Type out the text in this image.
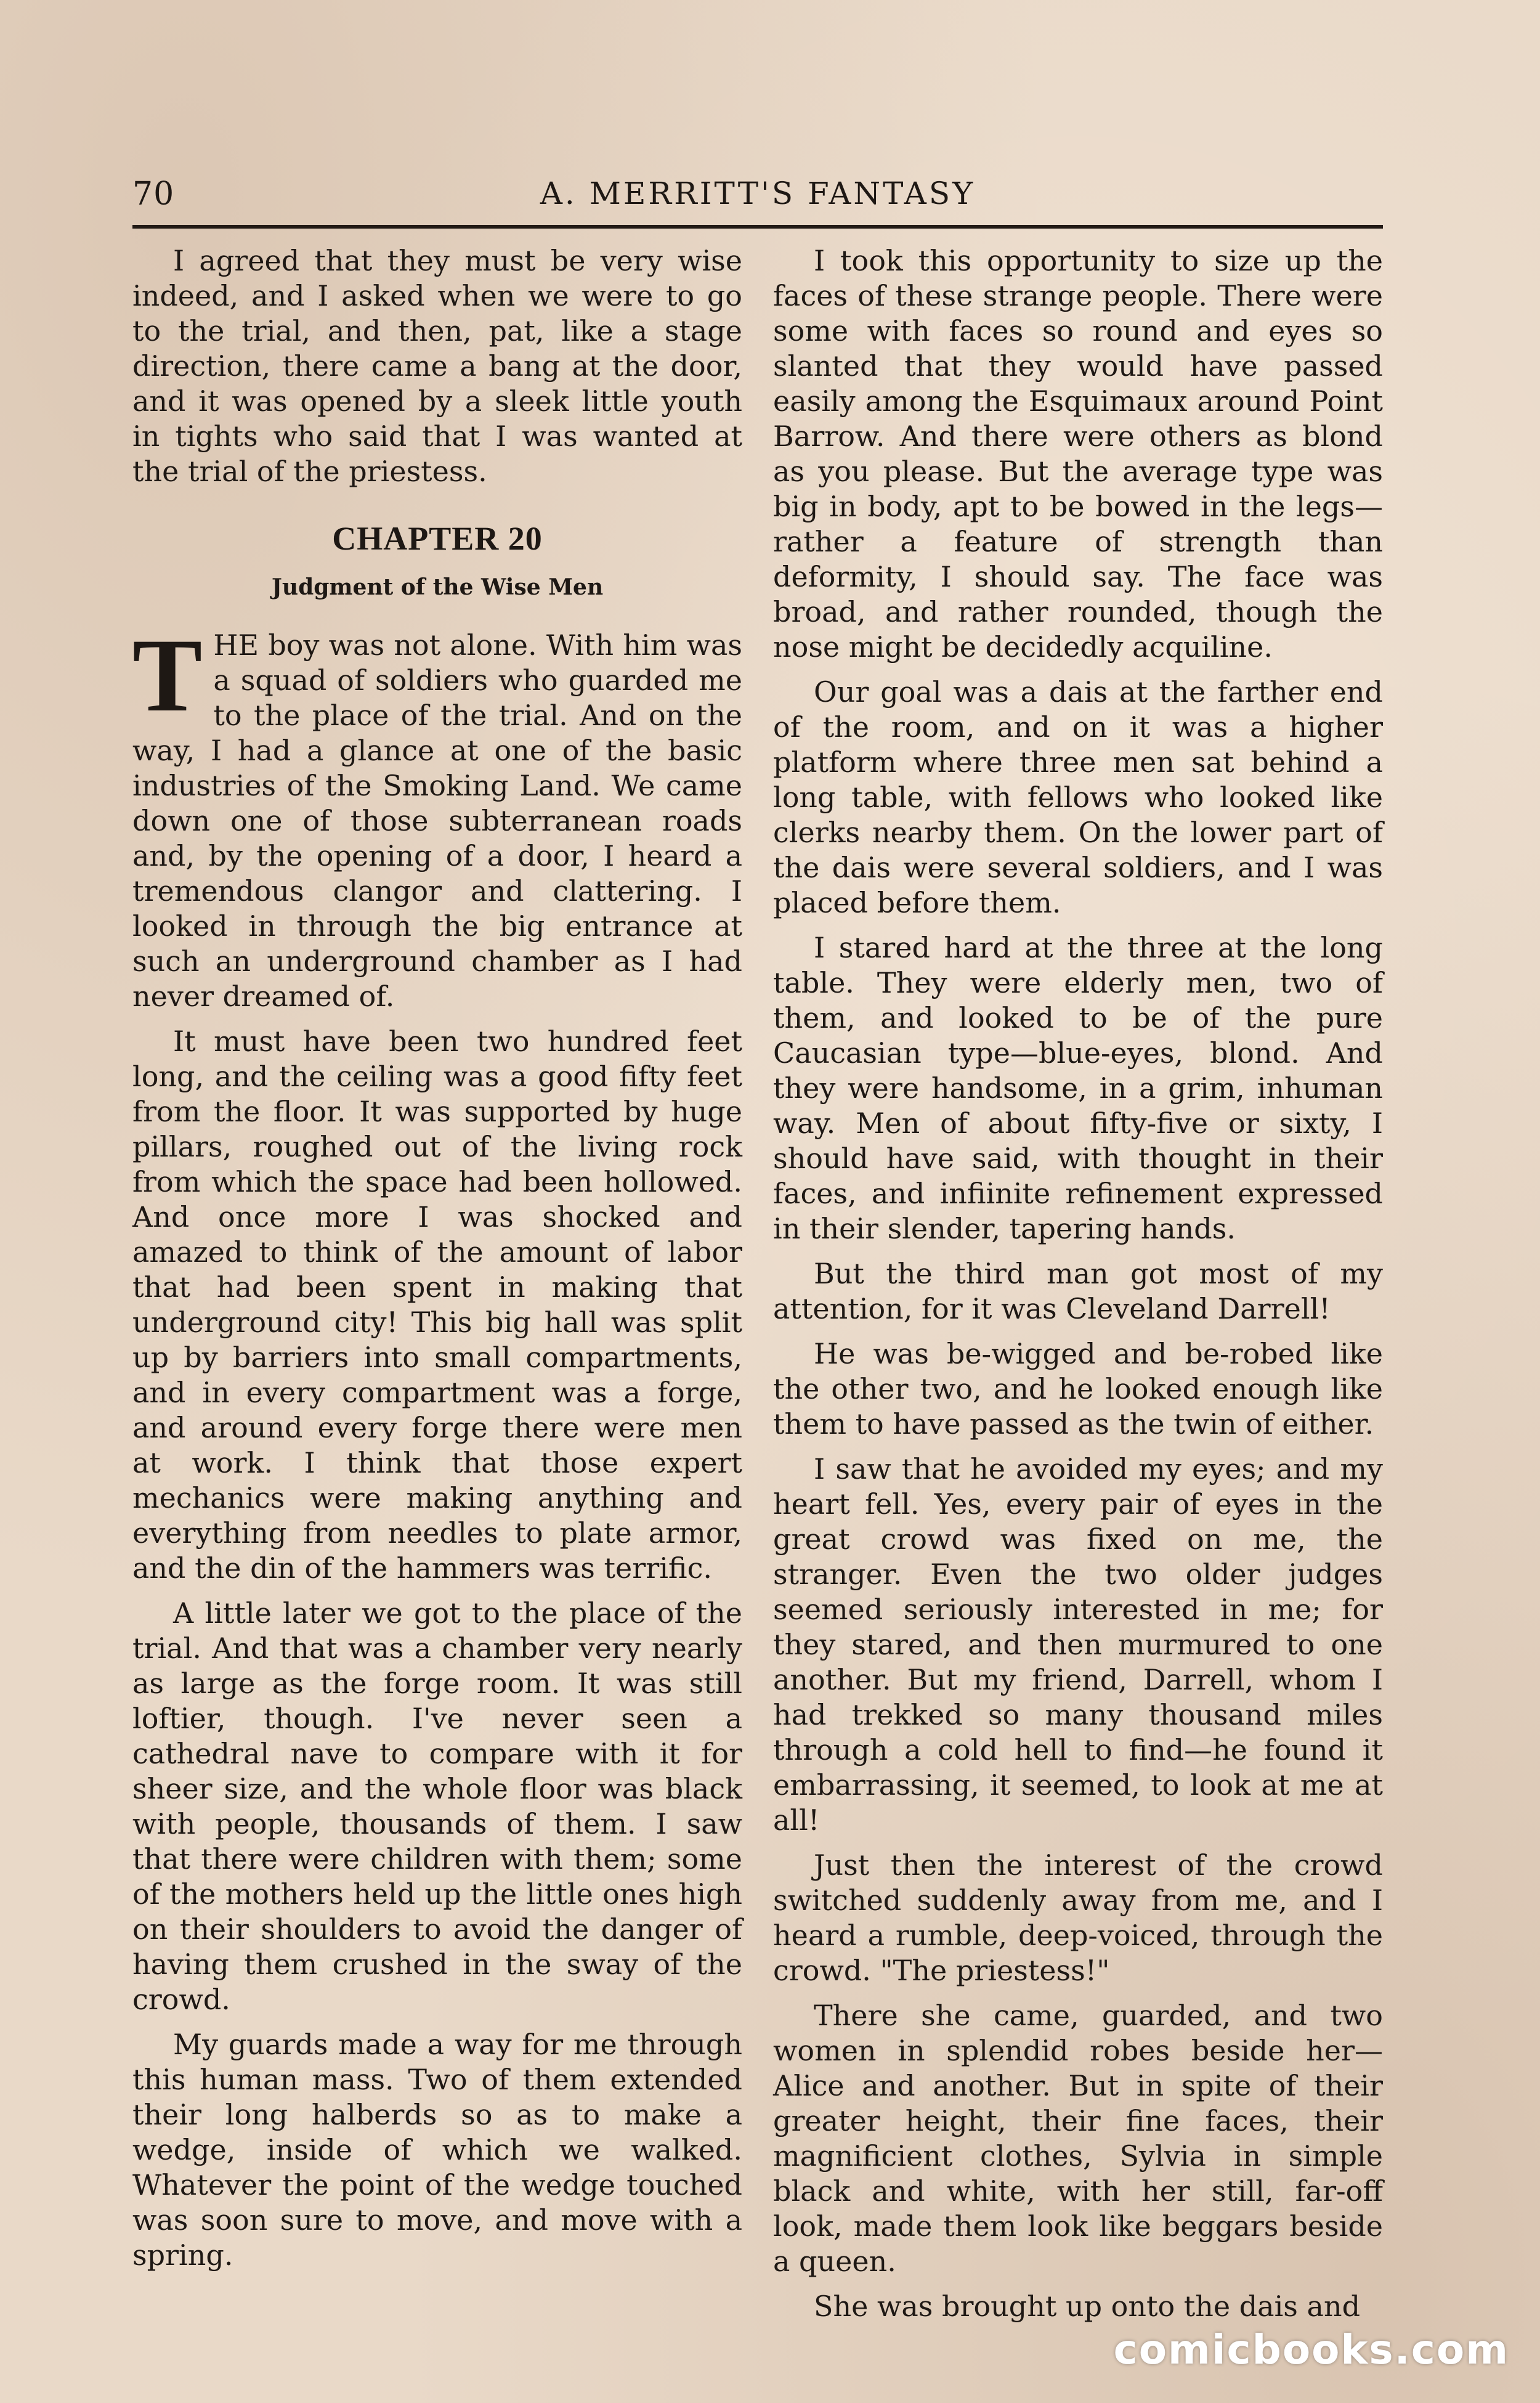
70	A. MERRITT'S FANTASY

I agreed that they must be very wise indeed, and I asked when we were to go to the trial, and then, pat, like a stage direction, there came a bang at the door, and it was opened by a sleek little youth in tights who said that I was wanted at the trial of the priestess.

CHAPTER 20
Judgment of the Wise Men

THE boy was not alone. With him was a squad of soldiers who guarded me to the place of the trial. And on the way, I had a glance at one of the basic industries of the Smoking Land. We came down one of those subterranean roads and, by the opening of a door, I heard a tremendous clangor and clattering. I looked in through the big entrance at such an underground chamber as I had never dreamed of.

It must have been two hundred feet long, and the ceiling was a good fifty feet from the floor. It was supported by huge pillars, roughed out of the living rock from which the space had been hollowed. And once more I was shocked and amazed to think of the amount of labor that had been spent in making that underground city! This big hall was split up by barriers into small compartments, and in every compartment was a forge, and around every forge there were men at work. I think that those expert mechanics were making anything and everything from needles to plate armor, and the din of the hammers was terrific.

A little later we got to the place of the trial. And that was a chamber very nearly as large as the forge room. It was still loftier, though. I've never seen a cathedral nave to compare with it for sheer size, and the whole floor was black with people, thousands of them. I saw that there were children with them; some of the mothers held up the little ones high on their shoulders to avoid the danger of having them crushed in the sway of the crowd.

My guards made a way for me through this human mass. Two of them extended their long halberds so as to make a wedge, inside of which we walked. Whatever the point of the wedge touched was soon sure to move, and move with a spring.

I took this opportunity to size up the faces of these strange people. There were some with faces so round and eyes so slanted that they would have passed easily among the Esquimaux around Point Barrow. And there were others as blond as you please. But the average type was big in body, apt to be bowed in the legs—rather a feature of strength than deformity, I should say. The face was broad, and rather rounded, though the nose might be decidedly acquiline.

Our goal was a dais at the farther end of the room, and on it was a higher platform where three men sat behind a long table, with fellows who looked like clerks nearby them. On the lower part of the dais were several soldiers, and I was placed before them.

I stared hard at the three at the long table. They were elderly men, two of them, and looked to be of the pure Caucasian type—blue-eyes, blond. And they were handsome, in a grim, inhuman way. Men of about fifty-five or sixty, I should have said, with thought in their faces, and infiinite refinement expressed in their slender, tapering hands.

But the third man got most of my attention, for it was Cleveland Darrell!

He was be-wigged and be-robed like the other two, and he looked enough like them to have passed as the twin of either.

I saw that he avoided my eyes; and my heart fell. Yes, every pair of eyes in the great crowd was fixed on me, the stranger. Even the two older judges seemed seriously interested in me; for they stared, and then murmured to one another. But my friend, Darrell, whom I had trekked so many thousand miles through a cold hell to find—he found it embarrassing, it seemed, to look at me at all!

Just then the interest of the crowd switched suddenly away from me, and I heard a rumble, deep-voiced, through the crowd. "The priestess!"

There she came, guarded, and two women in splendid robes beside her—Alice and another. But in spite of their greater height, their fine faces, their magnificient clothes, Sylvia in simple black and white, with her still, far-off look, made them look like beggars beside a queen.

She was brought up onto the dais and

comicbooks.com
